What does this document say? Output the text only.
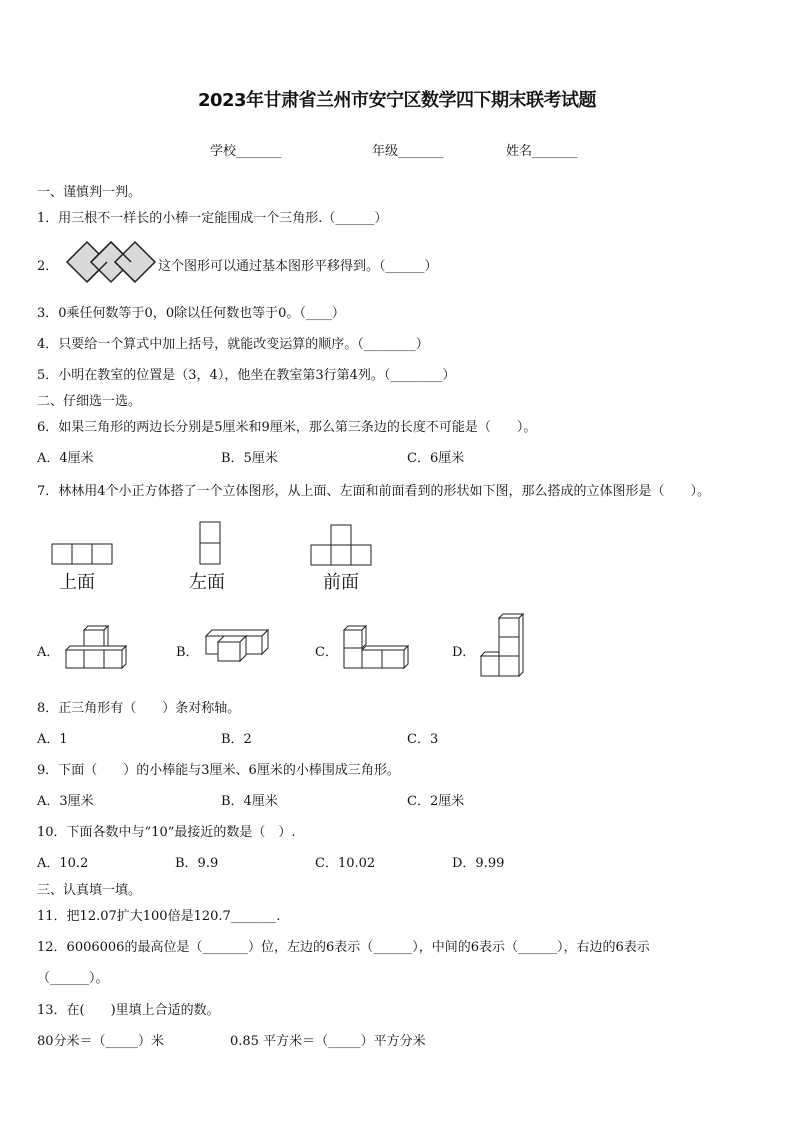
2023年甘肃省兰州市安宁区数学四下期末联考试题
学校_______	年级_______	姓名_______
一、谨慎判一判。
1．用三根不一样长的小棒一定能围成一个三角形.（______）
2．	这个图形可以通过基本图形平移得到。（______）
3．0乘任何数等于0，0除以任何数也等于0。（____）
4．只要给一个算式中加上括号，就能改变运算的顺序。（________）
5．小明在教室的位置是（3，4），他坐在教室第3行第4列。（________）
二、仔细选一选。
6．如果三角形的两边长分别是5厘米和9厘米，那么第三条边的长度不可能是（　　）。
A．4厘米	B．5厘米	C．6厘米
7．林林用4个小正方体搭了一个立体图形，从上面、左面和前面看到的形状如下图，那么搭成的立体图形是（　　）。
上面	左面	前面
A．	B．	C．	D．
8．正三角形有（　　）条对称轴。
A．1	B．2	C．3
9．下面（　　）的小棒能与3厘米、6厘米的小棒围成三角形。
A．3厘米	B．4厘米	C．2厘米
10．下面各数中与“10”最接近的数是（　）.
A．10.2	B．9.9	C．10.02	D．9.99
三、认真填一填。
11．把12.07扩大100倍是120.7_______.
12．6006006的最高位是（_______）位，左边的6表示（______），中间的6表示（______），右边的6表示
（______）。
13．在(　　)里填上合适的数。
80分米＝（_____）米	0.85 平方米＝（_____）平方分米
